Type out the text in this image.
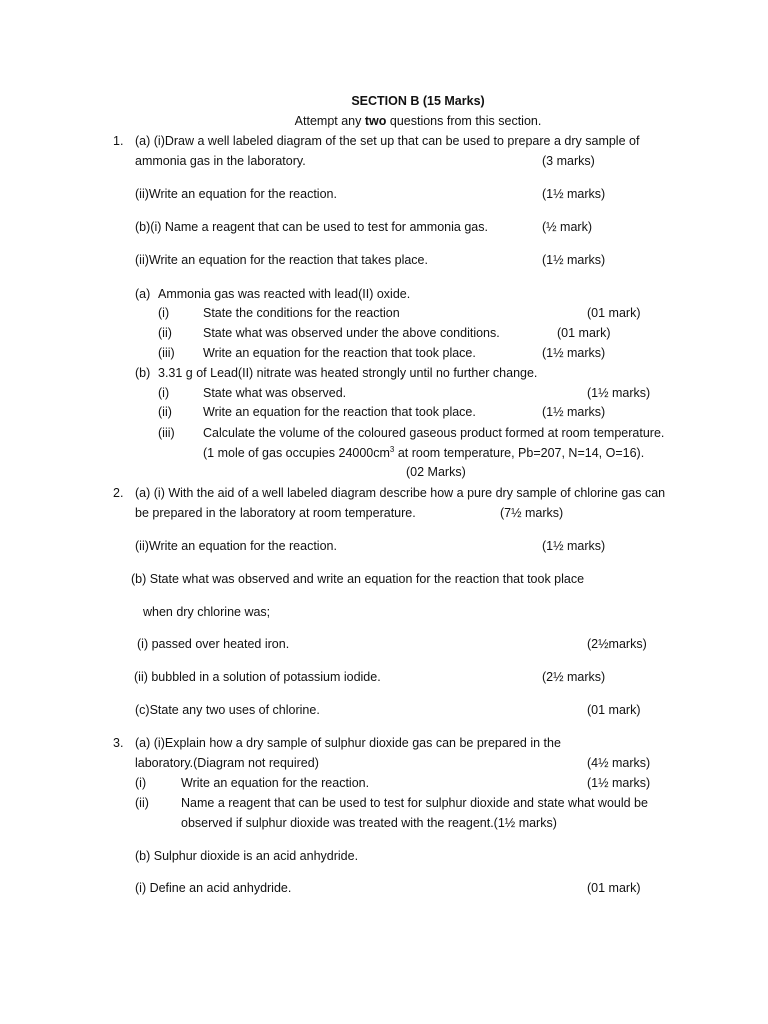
SECTION B (15 Marks)
Attempt any two questions from this section.
1. (a) (i)Draw a well labeled diagram of the set up that can be used to prepare a dry sample of
ammonia gas in the laboratory.	(3 marks)
(ii)Write an equation for the reaction.	(1½ marks)
(b)(i) Name a reagent that can be used to test for ammonia gas.	(½ mark)
(ii)Write an equation for the reaction that takes place.	(1½ marks)
(a) Ammonia gas was reacted with lead(II) oxide.
(i)	State the conditions for the reaction	(01 mark)
(ii) State what was observed under the above conditions.	(01 mark)
(iii) Write an equation for the reaction that took place.	(1½ marks)
(b) 3.31 g of Lead(II) nitrate was heated strongly until no further change.
(i)	State what was observed.	(1½ marks)
(ii) Write an equation for the reaction that took place.	(1½ marks)
(iii) Calculate the volume of the coloured gaseous product formed at room temperature.
(1 mole of gas occupies $24000cm^3$ at room temperature, Pb=207, N=14, O=16).
(02 Marks)
2. (a) (i) With the aid of a well labeled diagram describe how a pure dry sample of chlorine gas can
be prepared in the laboratory at room temperature.	(7½ marks)
(ii)Write an equation for the reaction.	(1½ marks)
(b) State what was observed and write an equation for the reaction that took place
when dry chlorine was;
(i) passed over heated iron.	(2½marks)
(ii) bubbled in a solution of potassium iodide.	(2½ marks)
(c)State any two uses of chlorine.	(01 mark)
3. (a) (i)Explain how a dry sample of sulphur dioxide gas can be prepared in the
laboratory.(Diagram not required)	(4½ marks)
(i)	Write an equation for the reaction.	(1½ marks)
(ii)	Name a reagent that can be used to test for sulphur dioxide and state what would be
observed if sulphur dioxide was treated with the reagent.(1½ marks)
(b) Sulphur dioxide is an acid anhydride.
(i) Define an acid anhydride.	(01 mark)
